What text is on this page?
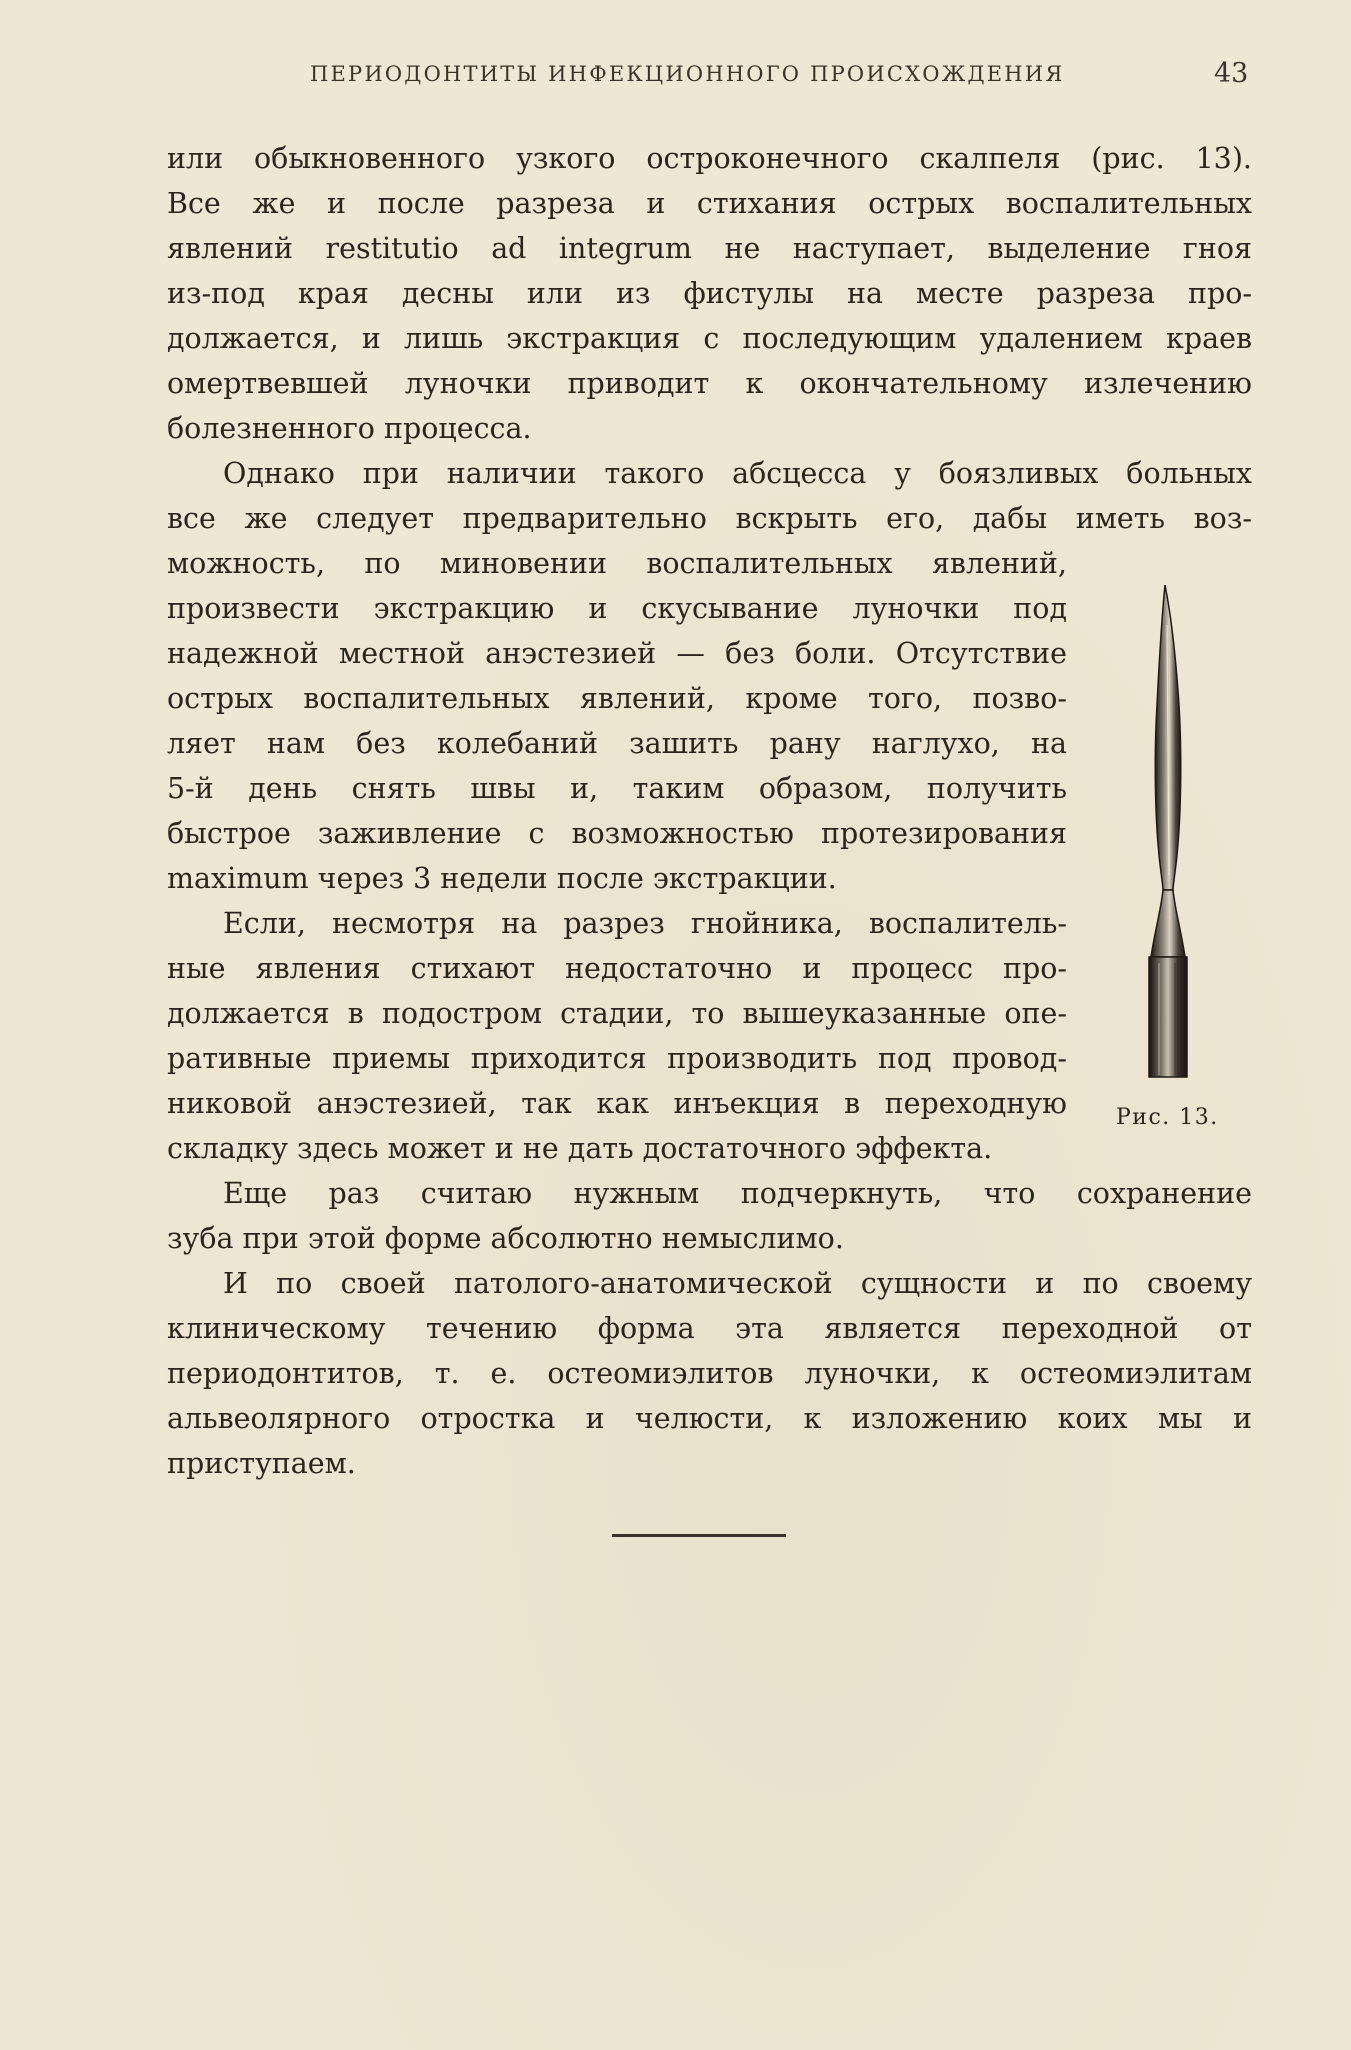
ПЕРИОДОНТИТЫ ИНФЕКЦИОННОГО ПРОИСХОЖДЕНИЯ	43
или обыкновенного узкого остроконечного скалпеля (рис. 13).
Все же и после разреза и стихания острых воспалительных
явлений restitutio ad integrum не наступает, выделение гноя
из-под края десны или из фистулы на месте разреза про-
должается, и лишь экстракция с последующим удалением краев
омертвевшей луночки приводит к окончательному излечению
болезненного процесса.
Однако при наличии такого абсцесса у боязливых больных
все же следует предварительно вскрыть его, дабы иметь воз-
можность, по миновении воспалительных явлений,
произвести экстракцию и скусывание луночки под
надежной местной анэстезией — без боли. Отсутствие
острых воспалительных явлений, кроме того, позво-
ляет нам без колебаний зашить рану наглухо, на
5-й день снять швы и, таким образом, получить
быстрое заживление с возможностью протезирования
maximum через 3 недели после экстракции.
Если, несмотря на разрез гнойника, воспалитель-
ные явления стихают недостаточно и процесс про-
должается в подостром стадии, то вышеуказанные опе-
ративные приемы приходится производить под провод-
никовой анэстезией, так как инъекция в переходную
складку здесь может и не дать достаточного эффекта.
Еще раз считаю нужным подчеркнуть, что сохранение
зуба при этой форме абсолютно немыслимо.
И по своей патолого-анатомической сущности и по своему
клиническому течению форма эта является переходной от
периодонтитов, т. е. остеомиэлитов луночки, к остеомиэлитам
альвеолярного отростка и челюсти, к изложению коих мы и
приступаем.
Рис. 13.
